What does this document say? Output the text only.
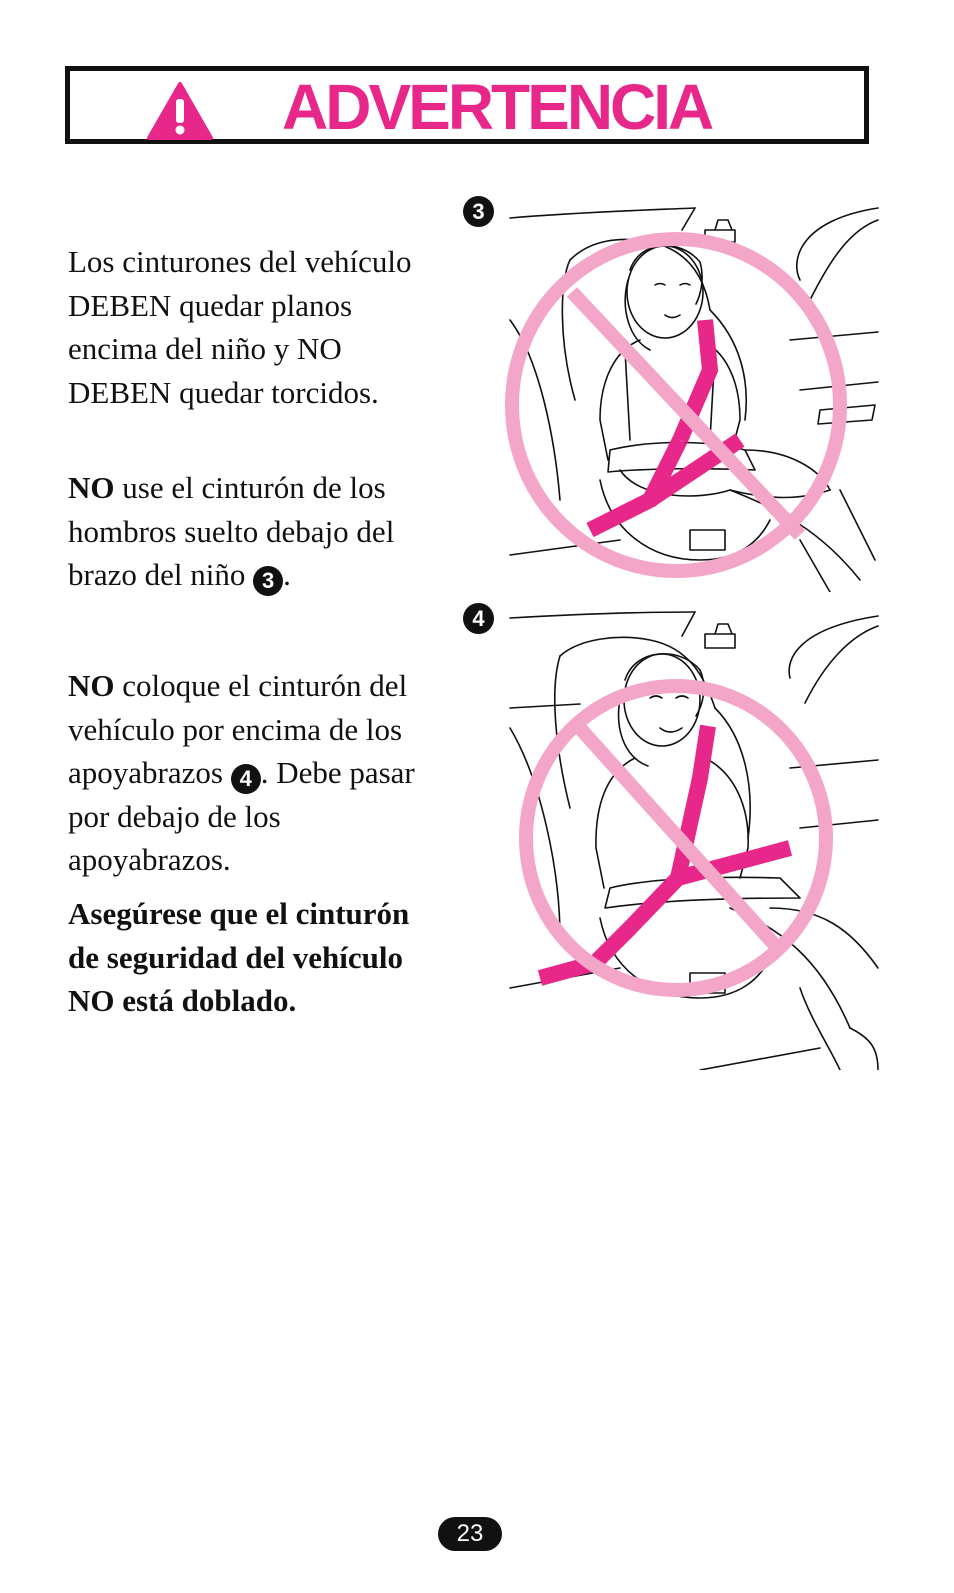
ADVERTENCIA

Los cinturones del vehículo DEBEN quedar planos encima del niño y NO DEBEN quedar torcidos.

NO use el cinturón de los hombros suelto debajo del brazo del niño 3 .

NO coloque el cinturón del vehículo por encima de los apoyabrazos 4 . Debe pasar por debajo de los apoyabrazos.

Asegúrese que el cinturón de seguridad del vehículo NO está doblado.

3
4
23
